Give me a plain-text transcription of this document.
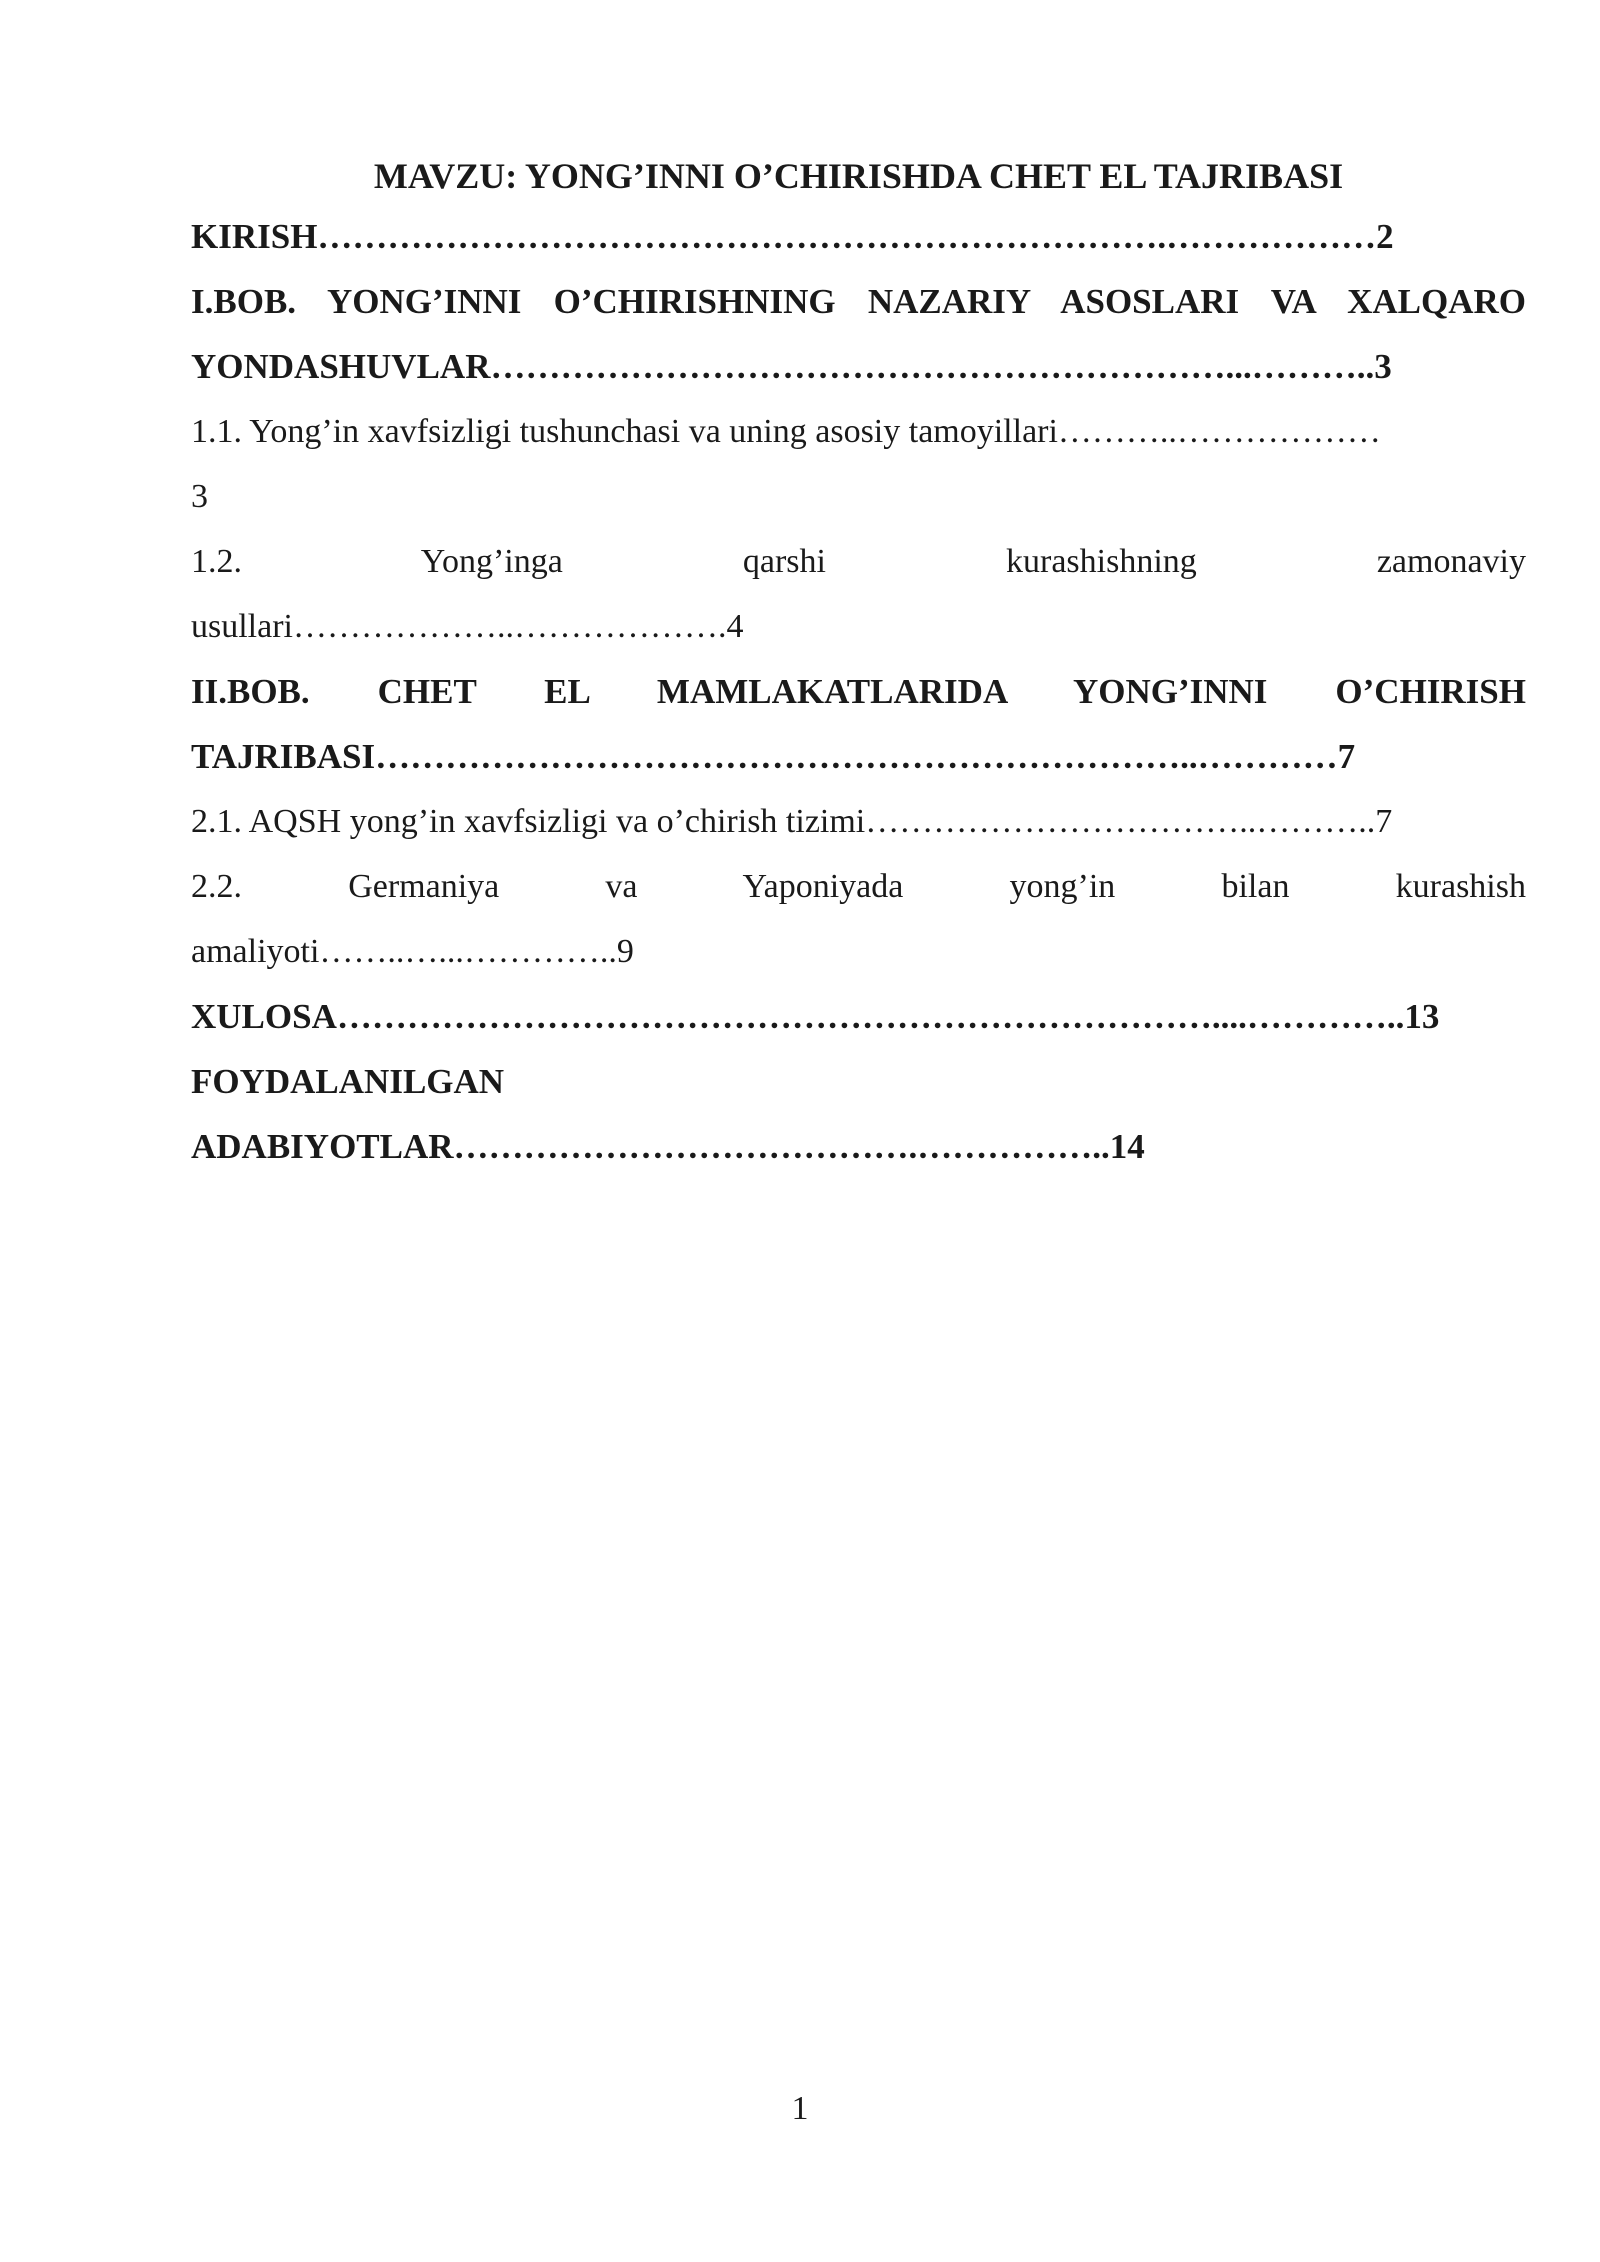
MAVZU: YONG’INNI O’CHIRISHDA CHET EL TAJRIBASI
KIRISH……………………………………………………………….………………2
I.BOB. YONG’INNI O’CHIRISHNING NAZARIY ASOSLARI VA XALQARO
YONDASHUVLAR………………………………………………………...………..3
1.1. Yong’in xavfsizligi tushunchasi va uning asosiy tamoyillari………..………………
3
1.2. Yong’inga qarshi kurashishning zamonaviy
usullari………………..……………….4
II.BOB. CHET EL MAMLAKATLARIDA YONG’INNI O’CHIRISH
TAJRIBASI……………………………………………………………..…………7
2.1. AQSH yong’in xavfsizligi va o’chirish tizimi……………………………..………..7
2.2. Germaniya va Yaponiyada yong’in bilan kurashish
amaliyoti……..…...…………..9
XULOSA…………………………………………………………………....…………..13
FOYDALANILGAN
ADABIYOTLAR………………………………….……………..14
1
